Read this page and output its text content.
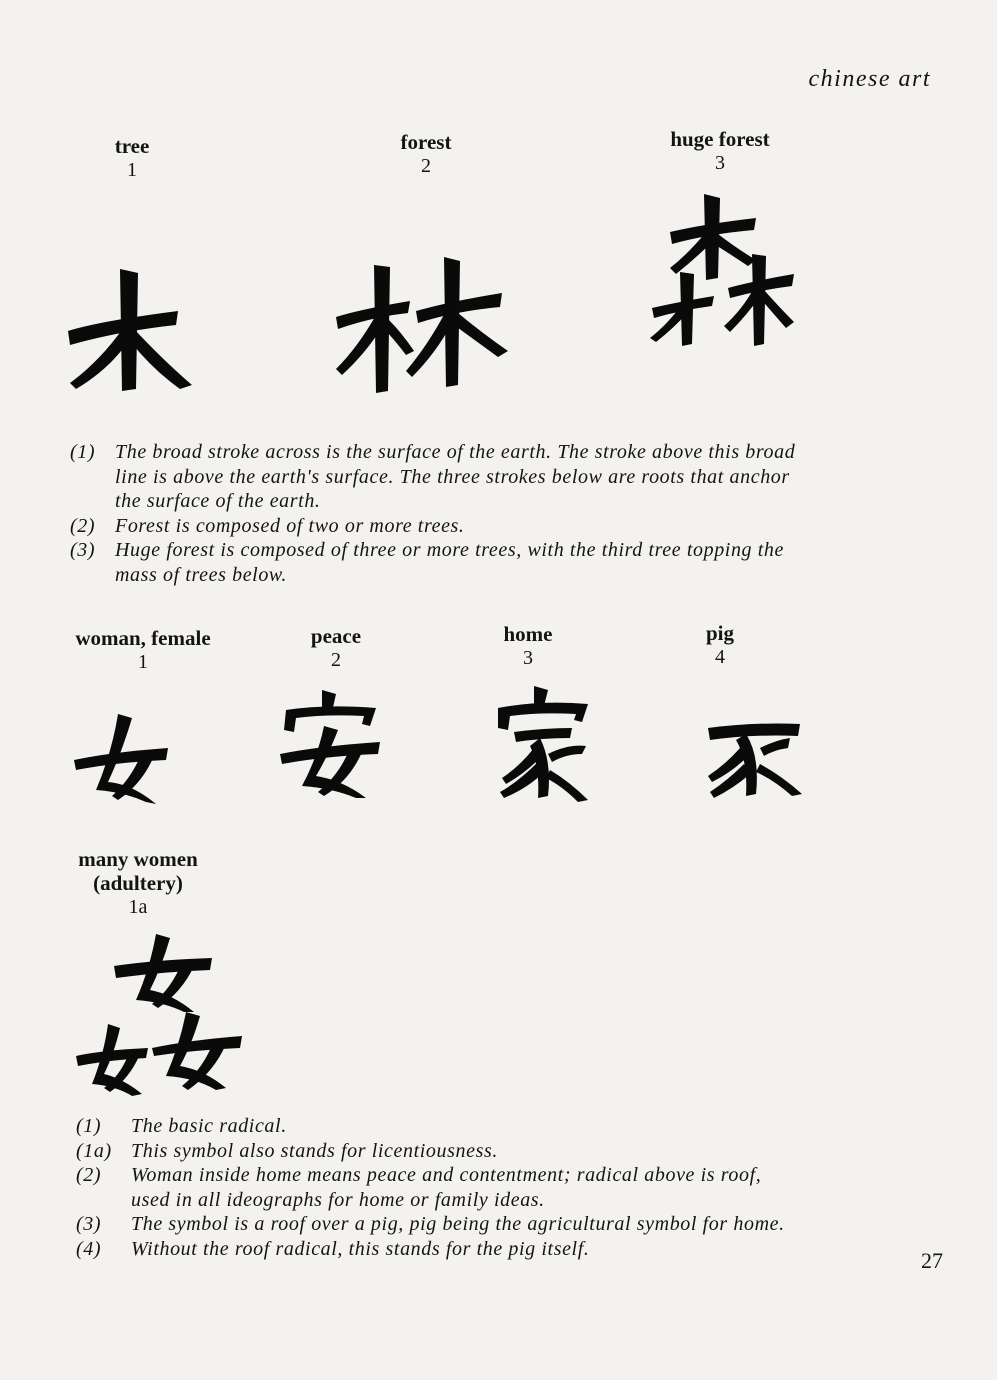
chinese art
tree
1
forest
2
huge forest
3
(1) The broad stroke across is the surface of the earth. The stroke above this broad line is above the earth's surface. The three strokes below are roots that anchor the surface of the earth.
(2) Forest is composed of two or more trees.
(3) Huge forest is composed of three or more trees, with the third tree topping the mass of trees below.
woman, female
1
peace
2
home
3
pig
4
many women
(adultery)
1a
(1)	The basic radical.
(1a) This symbol also stands for licentiousness.
(2)	Woman inside home means peace and contentment; radical above is roof, used in all ideographs for home or family ideas.
(3)	The symbol is a roof over a pig, pig being the agricultural symbol for home.
(4)	Without the roof radical, this stands for the pig itself.	27
